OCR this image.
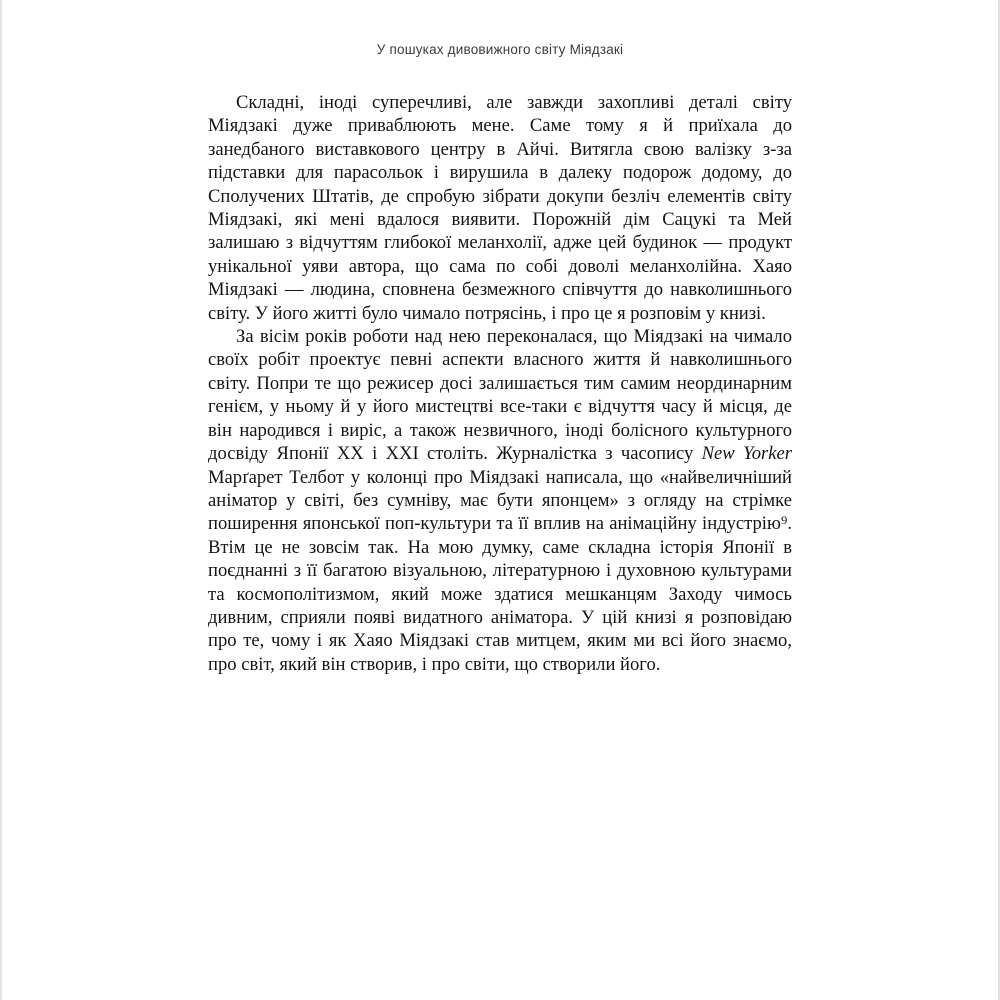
У пошуках дивовижного світу Міядзакі

Складні, іноді суперечливі, але завжди захопливі деталі світу Міядзакі дуже приваблюють мене. Саме тому я й приїхала до занедбаного виставкового центру в Айчі. Витягла свою валізку з-за підставки для парасольок і вирушила в далеку подорож додому, до Сполучених Штатів, де спробую зібрати докупи безліч елементів світу Міядзакі, які мені вдалося виявити. Порожній дім Сацукі та Мей залишаю з відчуттям глибокої меланхолії, адже цей будинок — продукт унікальної уяви автора, що сама по собі доволі меланхолійна. Хаяо Міядзакі — людина, сповнена безмежного співчуття до навколишнього світу. У його житті було чимало потрясінь, і про це я розповім у книзі.

За вісім років роботи над нею переконалася, що Міядзакі на чимало своїх робіт проектує певні аспекти власного життя й навколишнього світу. Попри те що режисер досі залишається тим самим неординарним генієм, у ньому й у його мистецтві все-таки є відчуття часу й місця, де він народився і виріс, а також незвичного, іноді болісного культурного досвіду Японії XX і XXI століть. Журналістка з часопису New Yorker Марґарет Телбот у колонці про Міядзакі написала, що «найвеличніший аніматор у світі, без сумніву, має бути японцем» з огляду на стрімке поширення японської поп-культури та її вплив на анімаційну індустрію⁹. Втім це не зовсім так. На мою думку, саме складна історія Японії в поєднанні з її багатою візуальною, літературною і духовною культурами та космополітизмом, який може здатися мешканцям Заходу чимось дивним, сприяли появі видатного аніматора. У цій книзі я розповідаю про те, чому і як Хаяо Міядзакі став митцем, яким ми всі його знаємо, про світ, який він створив, і про світи, що створили його.
